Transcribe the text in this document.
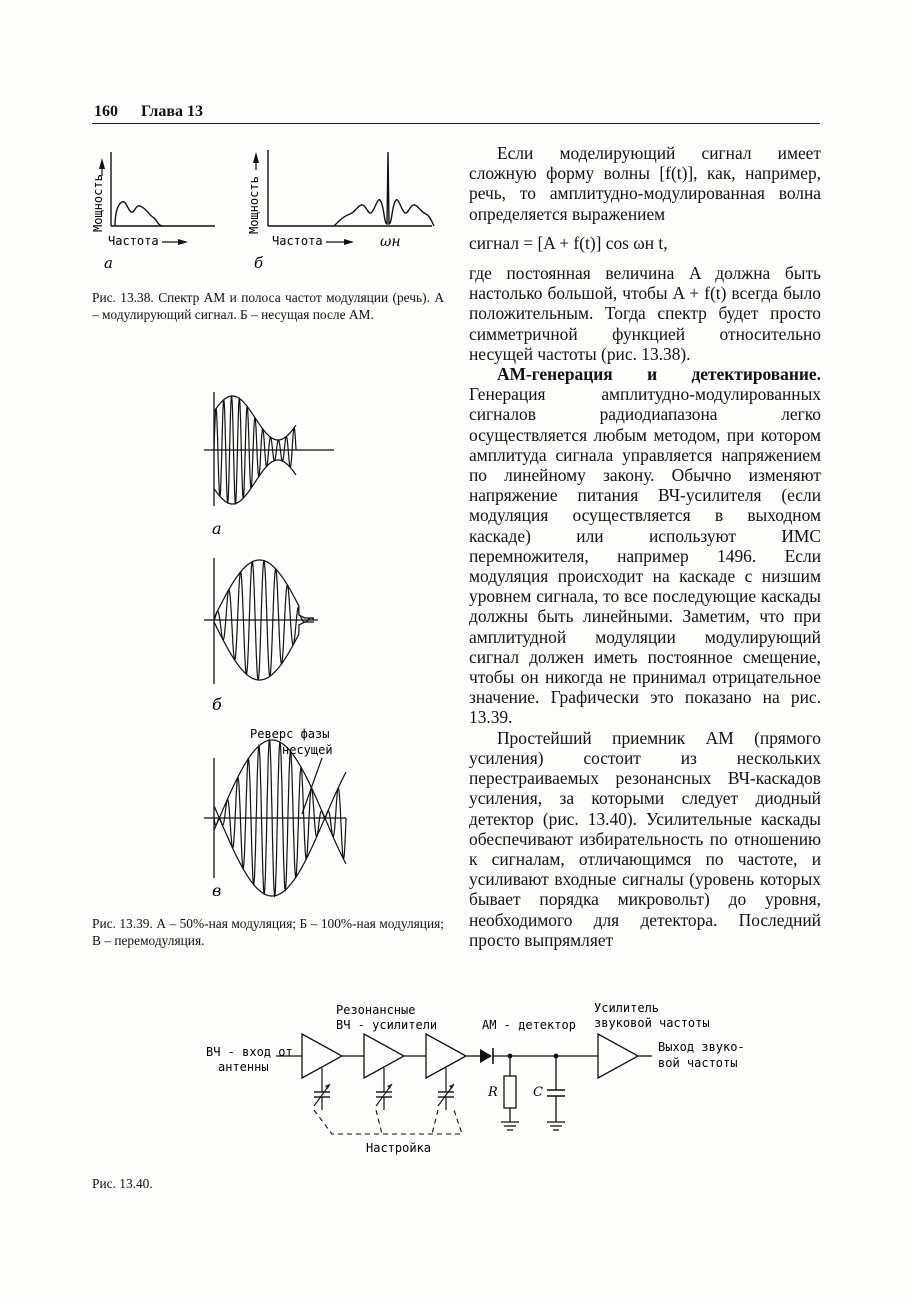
160 Глава 13
Мощность
Частота
a
Мощность
Частота	ωн
б
Рис. 13.38. Спектр АМ и полоса частот модуляции (речь). А – модулирующий сигнал. Б – несущая после АМ.
a
б
Реверс фазы
несущей
в
Рис. 13.39. А – 50%-ная модуляция; Б – 100%-ная модуляция; В – перемодуляция.

Если моделирующий сигнал имеет сложную форму волны [f(t)], как, например, речь, то амплитудно-модулированная волна определяется выражением

сигнал = [A + f(t)] cos ωн t,

где постоянная величина A должна быть настолько большой, чтобы A + f(t) всегда было положительным. Тогда спектр будет просто симметричной функцией относительно несущей частоты (рис. 13.38).

АМ-генерация и детектирование. Генерация амплитудно-модулированных сигналов радиодиапазона легко осуществляется любым методом, при котором амплитуда сигнала управляется напряжением по линейному закону. Обычно изменяют напряжение питания ВЧ-усилителя (если модуляция осуществляется в выходном каскаде) или используют ИМС перемножителя, например 1496. Если модуляция происходит на каскаде с низшим уровнем сигнала, то все последующие каскады должны быть линейными. Заметим, что при амплитудной модуляции модулирующий сигнал должен иметь постоянное смещение, чтобы он никогда не принимал отрицательное значение. Графически это показано на рис. 13.39.

Простейший приемник АМ (прямого усиления) состоит из нескольких перестраиваемых резонансных ВЧ-каскадов усиления, за которыми следует диодный детектор (рис. 13.40). Усилительные каскады обеспечивают избирательность по отношению к сигналам, отличающимся по частоте, и усиливают входные сигналы (уровень которых бывает порядка микровольт) до уровня, необходимого для детектора. Последний просто выпрямляет

Резонансные
ВЧ - усилители	АМ - детектор
Усилитель
звуковой частоты
ВЧ - вход от
антенны
Выход звуко-
вой частоты
R	C
Настройка
Рис. 13.40.
